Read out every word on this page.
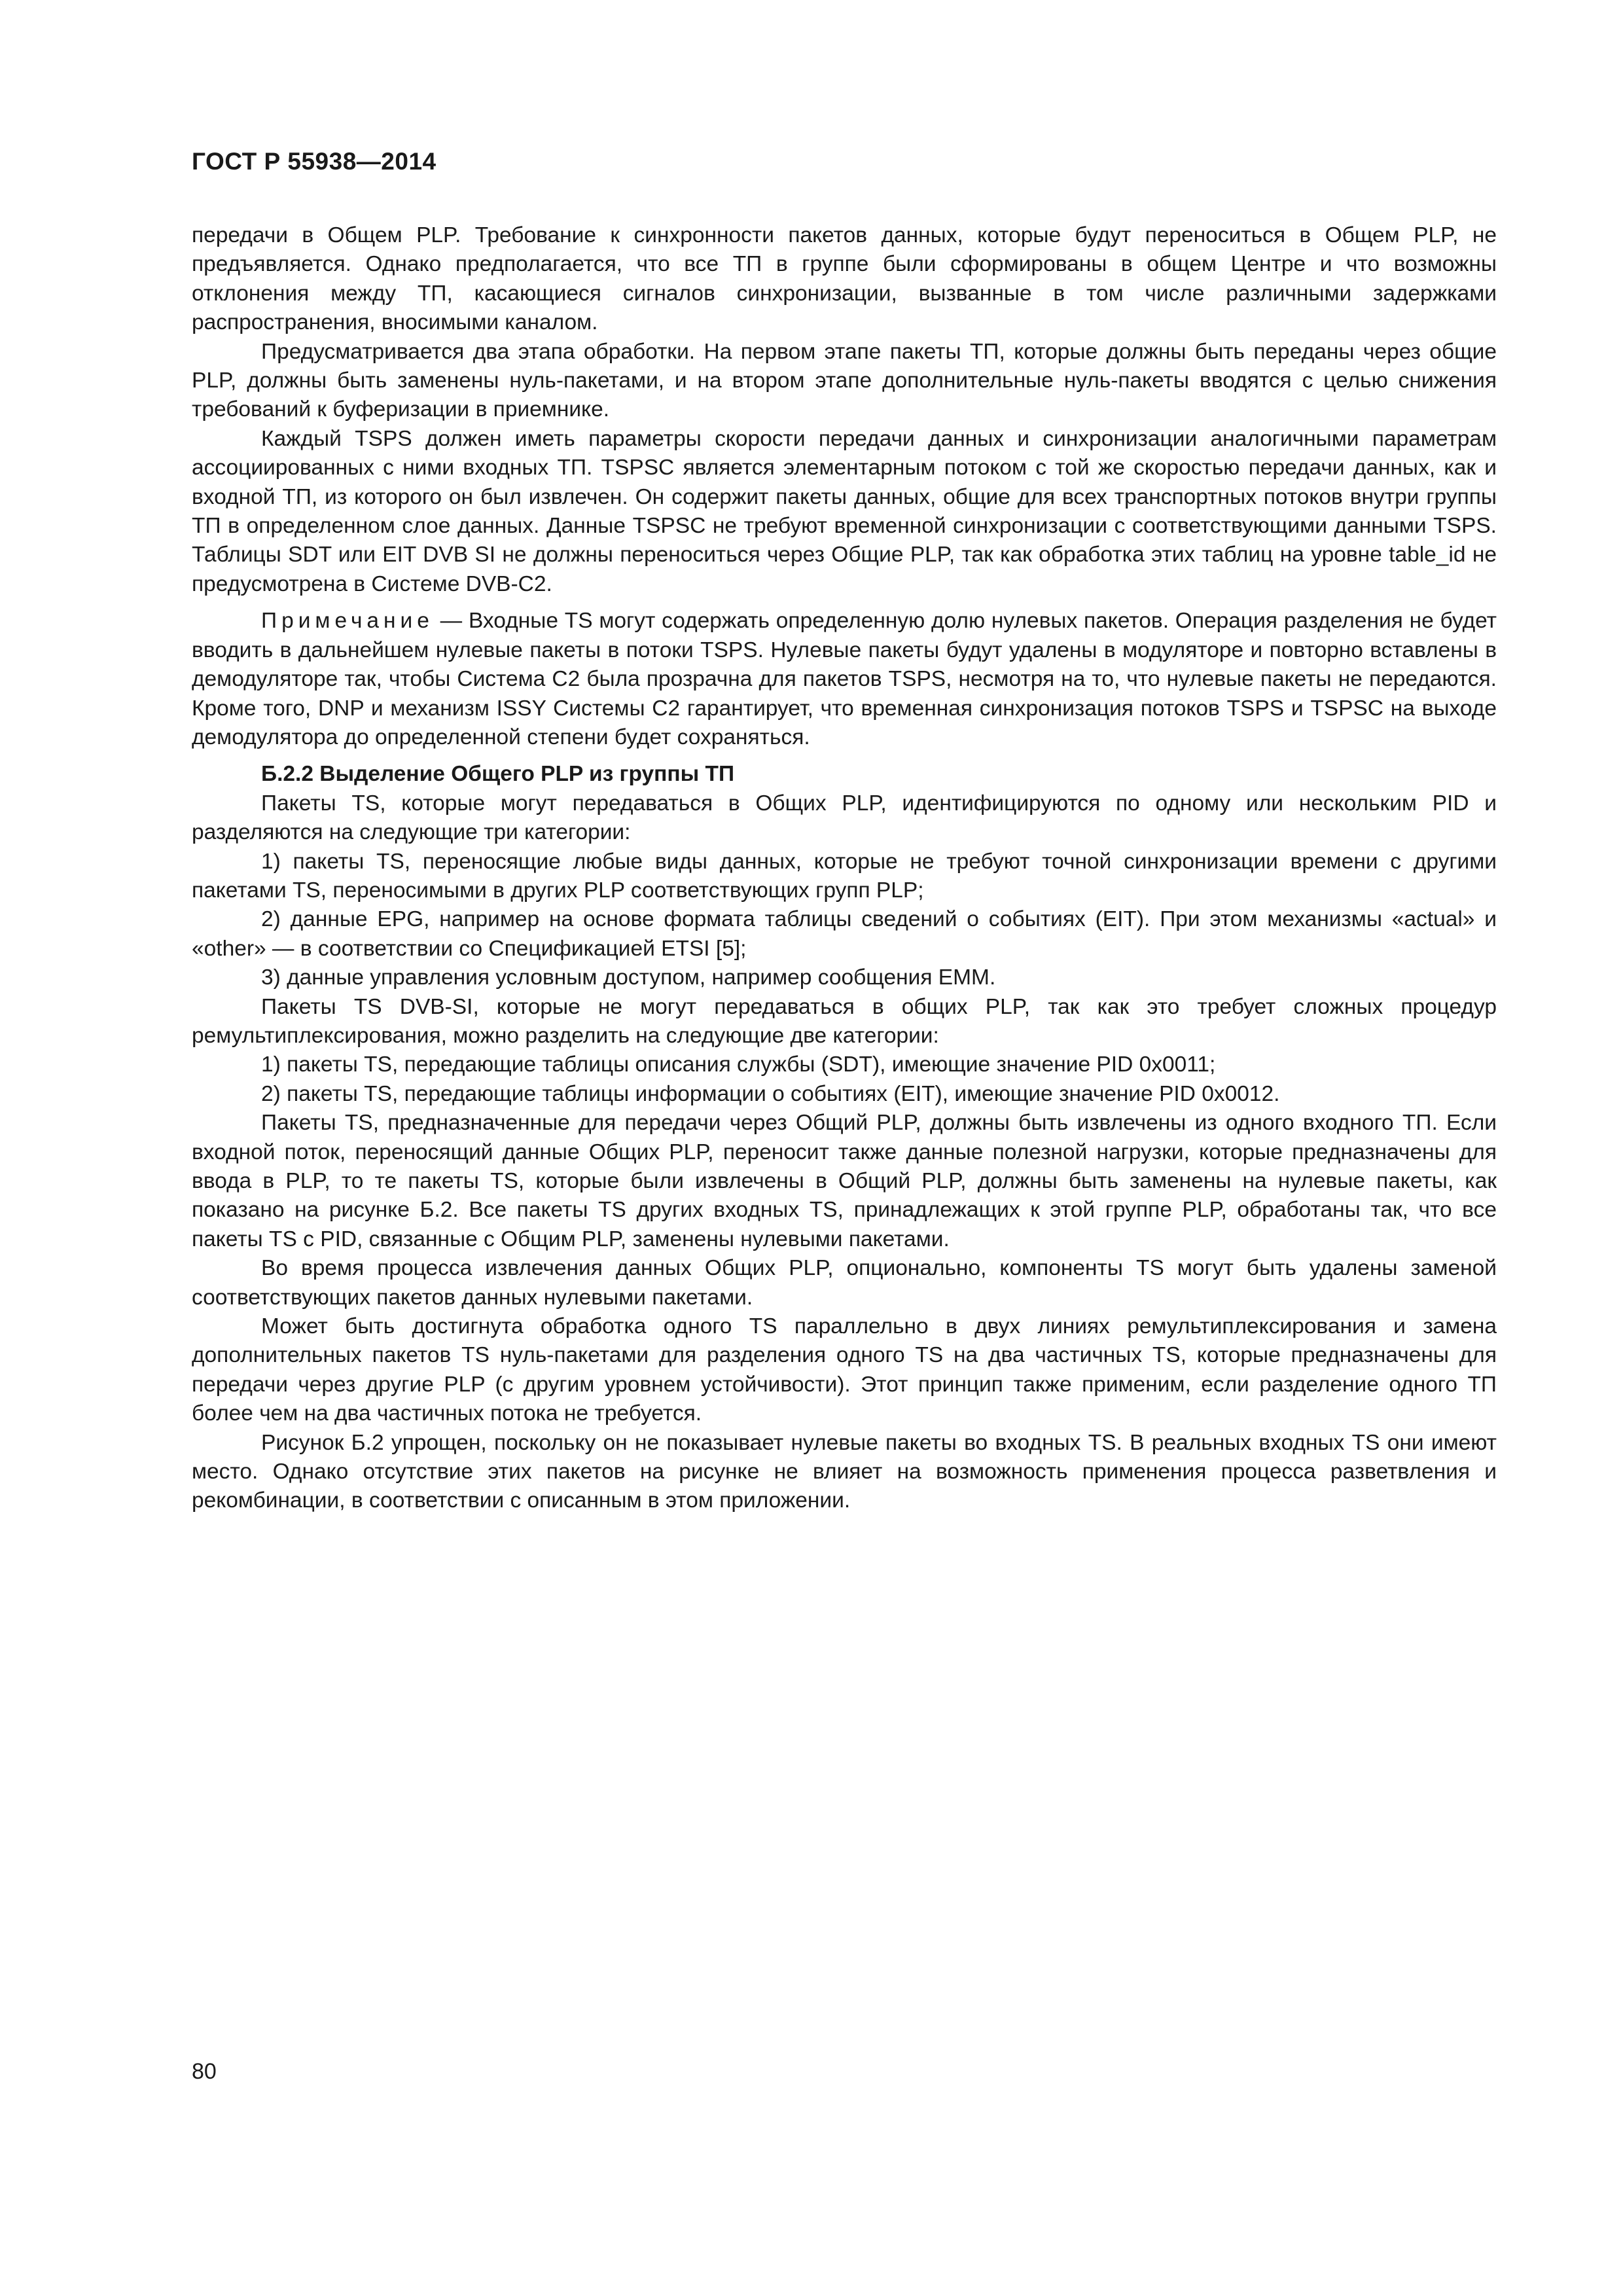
ГОСТ Р 55938—2014

передачи в Общем PLP. Требование к синхронности пакетов данных, которые будут переноситься в Общем PLP, не предъявляется. Однако предполагается, что все ТП в группе были сформированы в общем Центре и что возможны отклонения между ТП, касающиеся сигналов синхронизации, вызванные в том числе различными задержками распространения, вносимыми каналом.

Предусматривается два этапа обработки. На первом этапе пакеты ТП, которые должны быть переданы через общие PLP, должны быть заменены нуль-пакетами, и на втором этапе дополнительные нуль-пакеты вводятся с целью снижения требований к буферизации в приемнике.

Каждый TSPS должен иметь параметры скорости передачи данных и синхронизации аналогичными параметрам ассоциированных с ними входных ТП. TSPSC является элементарным потоком с той же скоростью передачи данных, как и входной ТП, из которого он был извлечен. Он содержит пакеты данных, общие для всех транспортных потоков внутри группы ТП в определенном слое данных. Данные TSPSC не требуют временной синхронизации с соответствующими данными TSPS. Таблицы SDT или EIT DVB SI не должны переноситься через Общие PLP, так как обработка этих таблиц на уровне table_id не предусмотрена в Системе DVB-C2.

Примечание — Входные TS могут содержать определенную долю нулевых пакетов. Операция разделения не будет вводить в дальнейшем нулевые пакеты в потоки TSPS. Нулевые пакеты будут удалены в модуляторе и повторно вставлены в демодуляторе так, чтобы Система C2 была прозрачна для пакетов TSPS, несмотря на то, что нулевые пакеты не передаются. Кроме того, DNP и механизм ISSY Системы C2 гарантирует, что временная синхронизация потоков TSPS и TSPSC на выходе демодулятора до определенной степени будет сохраняться.

Б.2.2 Выделение Общего PLP из группы ТП

Пакеты TS, которые могут передаваться в Общих PLP, идентифицируются по одному или нескольким PID и разделяются на следующие три категории:

1) пакеты TS, переносящие любые виды данных, которые не требуют точной синхронизации времени с другими пакетами TS, переносимыми в других PLP соответствующих групп PLP;

2) данные EPG, например на основе формата таблицы сведений о событиях (EIT). При этом механизмы «actual» и «other» — в соответствии со Спецификацией ETSI [5];

3) данные управления условным доступом, например сообщения EMM.

Пакеты TS DVB-SI, которые не могут передаваться в общих PLP, так как это требует сложных процедур ремультиплексирования, можно разделить на следующие две категории:

1) пакеты TS, передающие таблицы описания службы (SDT), имеющие значение PID 0x0011;

2) пакеты TS, передающие таблицы информации о событиях (EIT), имеющие значение PID 0x0012.

Пакеты TS, предназначенные для передачи через Общий PLP, должны быть извлечены из одного входного ТП. Если входной поток, переносящий данные Общих PLP, переносит также данные полезной нагрузки, которые предназначены для ввода в PLP, то те пакеты TS, которые были извлечены в Общий PLP, должны быть заменены на нулевые пакеты, как показано на рисунке Б.2. Все пакеты TS других входных TS, принадлежащих к этой группе PLP, обработаны так, что все пакеты TS с PID, связанные с Общим PLP, заменены нулевыми пакетами.

Во время процесса извлечения данных Общих PLP, опционально, компоненты TS могут быть удалены заменой соответствующих пакетов данных нулевыми пакетами.

Может быть достигнута обработка одного TS параллельно в двух линиях ремультиплексирования и замена дополнительных пакетов TS нуль-пакетами для разделения одного TS на два частичных TS, которые предназначены для передачи через другие PLP (с другим уровнем устойчивости). Этот принцип также применим, если разделение одного ТП более чем на два частичных потока не требуется.

Рисунок Б.2 упрощен, поскольку он не показывает нулевые пакеты во входных TS. В реальных входных TS они имеют место. Однако отсутствие этих пакетов на рисунке не влияет на возможность применения процесса разветвления и рекомбинации, в соответствии с описанным в этом приложении.

80
